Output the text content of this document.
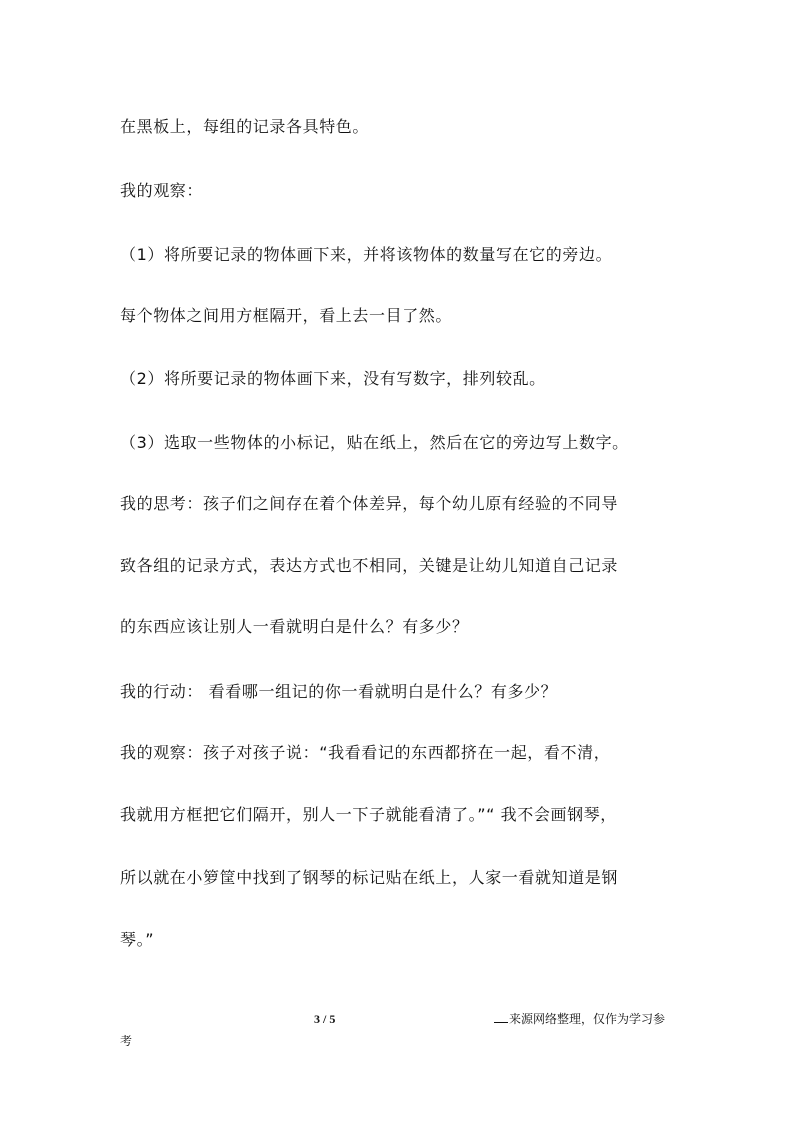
在黑板上，每组的记录各具特色。
我的观察：
（1）将所要记录的物体画下来，并将该物体的数量写在它的旁边。
每个物体之间用方框隔开，看上去一目了然。
（2）将所要记录的物体画下来，没有写数字，排列较乱。
（3）选取一些物体的小标记，贴在纸上，然后在它的旁边写上数字。
我的思考：孩子们之间存在着个体差异，每个幼儿原有经验的不同导
致各组的记录方式，表达方式也不相同，关键是让幼儿知道自己记录
的东西应该让别人一看就明白是什么？有多少？
我的行动： 看看哪一组记的你一看就明白是什么？有多少？
我的观察：孩子对孩子说：“我看看记的东西都挤在一起，看不清，
我就用方框把它们隔开，别人一下子就能看清了。”“ 我不会画钢琴，
所以就在小箩筐中找到了钢琴的标记贴在纸上，人家一看就知道是钢
琴。”
3 / 5	来源网络整理，仅作为学习参
考
